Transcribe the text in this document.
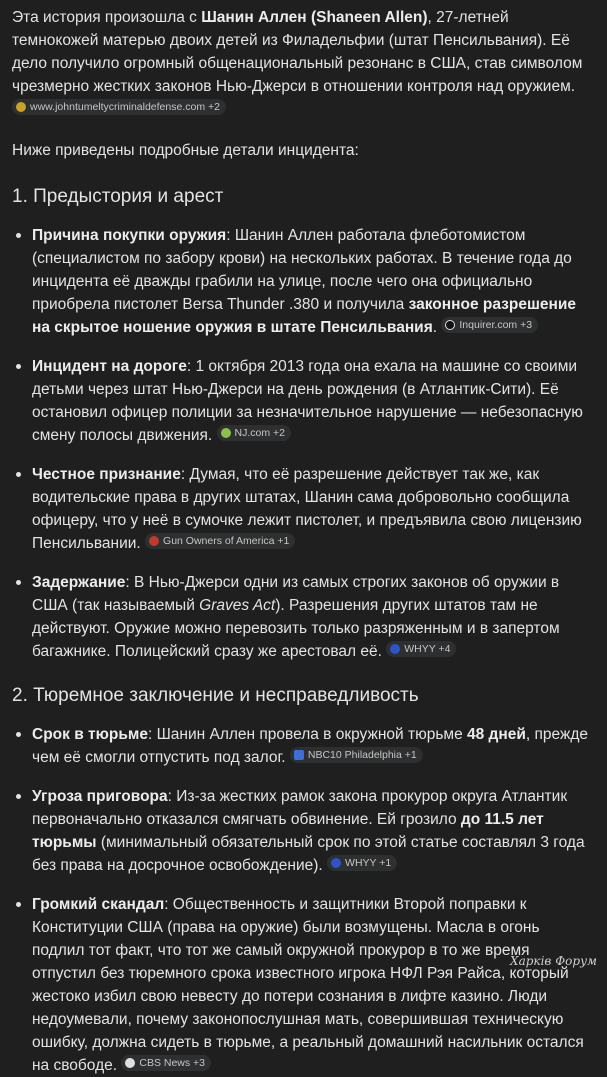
Эта история произошла с Шанин Аллен (Shaneen Allen), 27-летней темнокожей матерью двоих детей из Филадельфии (штат Пенсильвания). Её дело получило огромный общенациональный резонанс в США, став символом чрезмерно жестких законов Нью-Джерси в отношении контроля над оружием.
www.johntumeltycriminaldefense.com +2

Ниже приведены подробные детали инцидента:

1. Предыстория и арест
Причина покупки оружия: Шанин Аллен работала флеботомистом (специалистом по забору крови) на нескольких работах. В течение года до инцидента её дважды грабили на улице, после чего она официально приобрела пистолет Bersa Thunder .380 и получила законное разрешение на скрытое ношение оружия в штате Пенсильвания. Inquirer.com +3
Инцидент на дороге: 1 октября 2013 года она ехала на машине со своими детьми через штат Нью-Джерси на день рождения (в Атлантик-Сити). Её остановил офицер полиции за незначительное нарушение — небезопасную смену полосы движения. NJ.com +2
Честное признание: Думая, что её разрешение действует так же, как водительские права в других штатах, Шанин сама добровольно сообщила офицеру, что у неё в сумочке лежит пистолет, и предъявила свою лицензию Пенсильвании. Gun Owners of America +1
Задержание: В Нью-Джерси одни из самых строгих законов об оружии в США (так называемый Graves Act). Разрешения других штатов там не действуют. Оружие можно перевозить только разряженным и в запертом багажнике. Полицейский сразу же арестовал её. WHYY +4
2. Тюремное заключение и несправедливость
Срок в тюрьме: Шанин Аллен провела в окружной тюрьме 48 дней, прежде чем её смогли отпустить под залог. NBC10 Philadelphia +1
Угроза приговора: Из-за жестких рамок закона прокурор округа Атлантик первоначально отказался смягчать обвинение. Ей грозило до 11.5 лет тюрьмы (минимальный обязательный срок по этой статье составлял 3 года без права на досрочное освобождение). WHYY +1
Громкий скандал: Общественность и защитники Второй поправки к Конституции США (права на оружие) были возмущены. Масла в огонь подлил тот факт, что тот же самый окружной прокурор в то же время отпустил без тюремного срока известного игрока НФЛ Рэя Райса, который жестоко избил свою невесту до потери сознания в лифте казино. Люди недоумевали, почему законопослушная мать, совершившая техническую ошибку, должна сидеть в тюрьме, а реальный домашний насильник остался на свободе. CBS News +3
Харків Форум
